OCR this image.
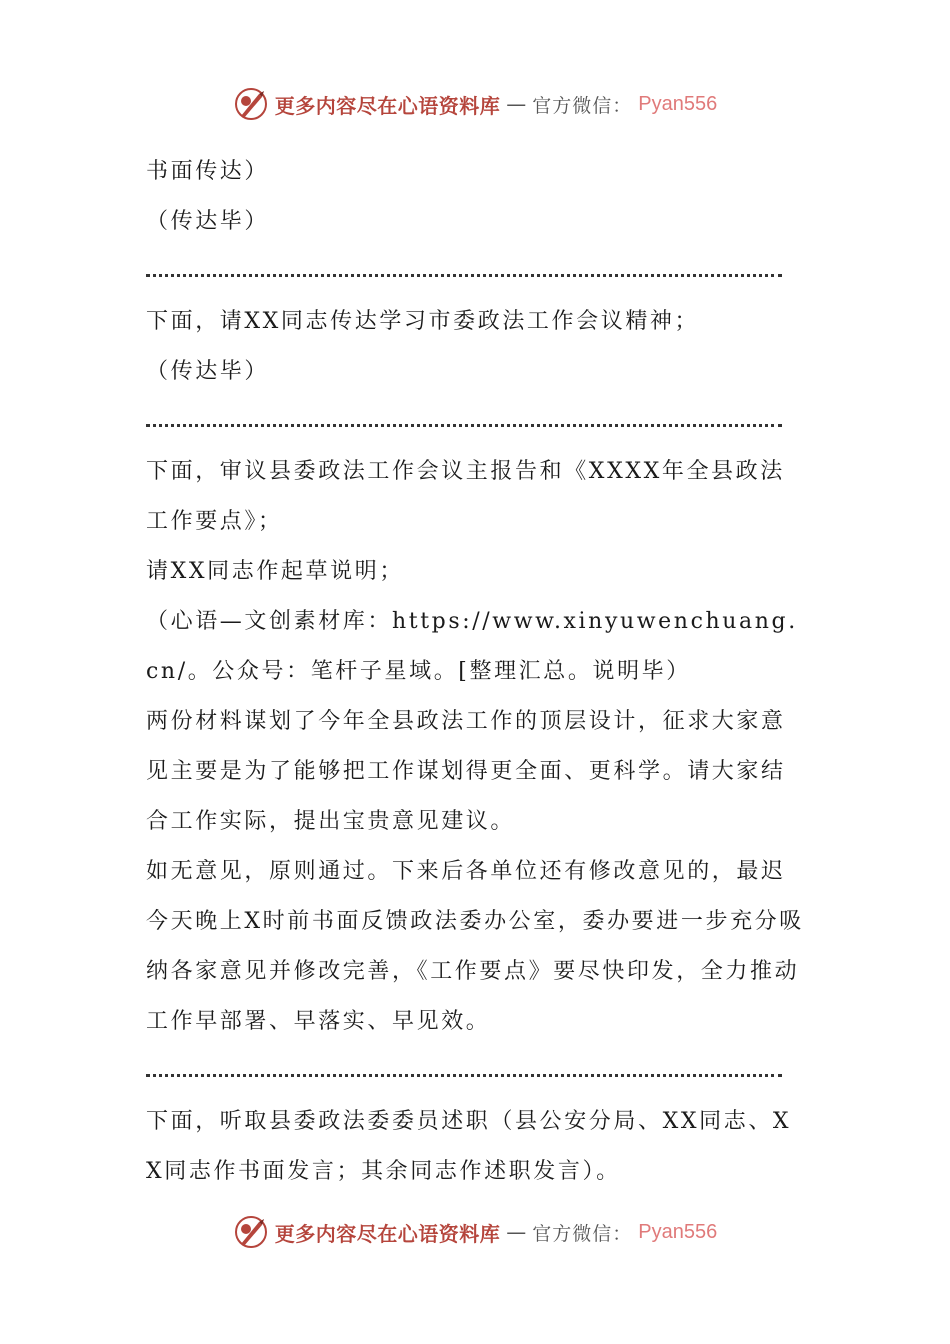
更多内容尽在心语资料库 — 官方微信： Pyan556

书面传达）

（传达毕）

下面，请XX同志传达学习市委政法工作会议精神；

（传达毕）

下面，审议县委政法工作会议主报告和《XXXX年全县政法工作要点》；

请XX同志作起草说明；

（心语—文创素材库：https://www.xinyuwenchuang.cn/。公众号：笔杆子星域。[整理汇总。说明毕）

两份材料谋划了今年全县政法工作的顶层设计，征求大家意见主要是为了能够把工作谋划得更全面、更科学。请大家结合工作实际，提出宝贵意见建议。

如无意见，原则通过。下来后各单位还有修改意见的，最迟今天晚上X时前书面反馈政法委办公室，委办要进一步充分吸纳各家意见并修改完善，《工作要点》要尽快印发，全力推动工作早部署、早落实、早见效。

下面，听取县委政法委委员述职（县公安分局、XX同志、XX同志作书面发言；其余同志作述职发言）。

更多内容尽在心语资料库 — 官方微信： Pyan556
